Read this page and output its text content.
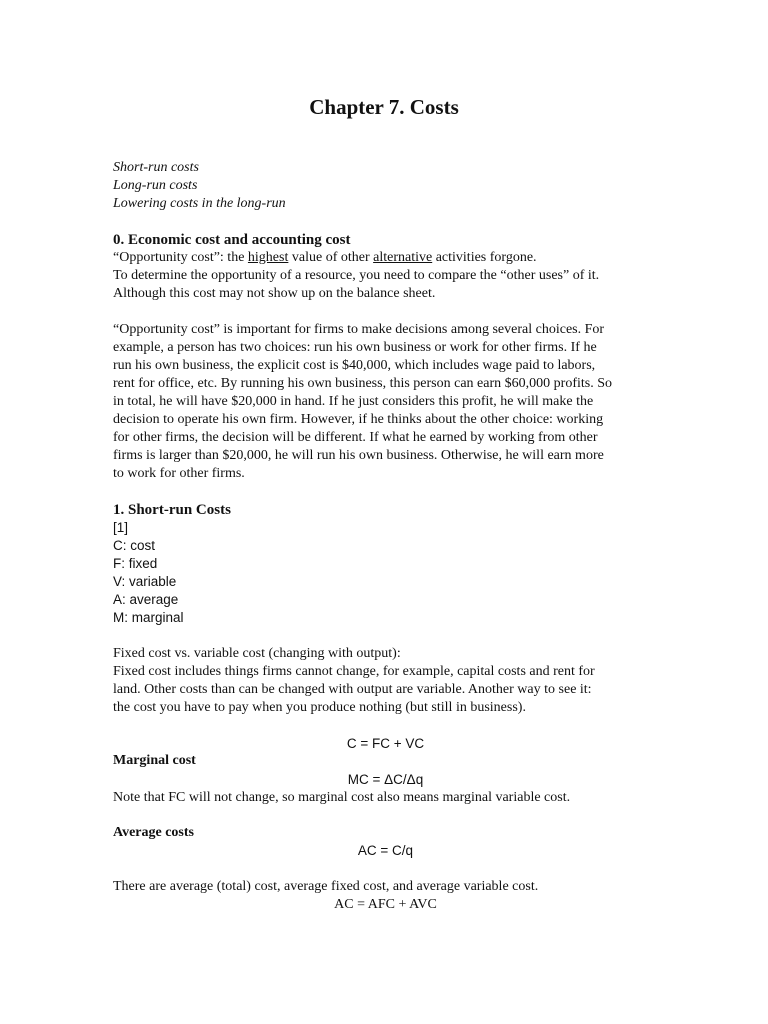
Chapter 7. Costs
Short-run costs
Long-run costs
Lowering costs in the long-run
0. Economic cost and accounting cost
“Opportunity cost”: the highest value of other alternative activities forgone.
To determine the opportunity of a resource, you need to compare the “other uses” of it.
Although this cost may not show up on the balance sheet.
“Opportunity cost” is important for firms to make decisions among several choices. For
example, a person has two choices: run his own business or work for other firms. If he
run his own business, the explicit cost is $40,000, which includes wage paid to labors,
rent for office, etc. By running his own business, this person can earn $60,000 profits. So
in total, he will have $20,000 in hand. If he just considers this profit, he will make the
decision to operate his own firm. However, if he thinks about the other choice: working
for other firms, the decision will be different. If what he earned by working from other
firms is larger than $20,000, he will run his own business. Otherwise, he will earn more
to work for other firms.
1. Short-run Costs
[1]
C: cost
F: fixed
V: variable
A: average
M: marginal
Fixed cost vs. variable cost (changing with output):
Fixed cost includes things firms cannot change, for example, capital costs and rent for
land. Other costs than can be changed with output are variable. Another way to see it:
the cost you have to pay when you produce nothing (but still in business).
C = FC + VC
Marginal cost
MC = ΔC/Δq
Note that FC will not change, so marginal cost also means marginal variable cost.
Average costs
AC = C/q
There are average (total) cost, average fixed cost, and average variable cost.
AC = AFC + AVC
